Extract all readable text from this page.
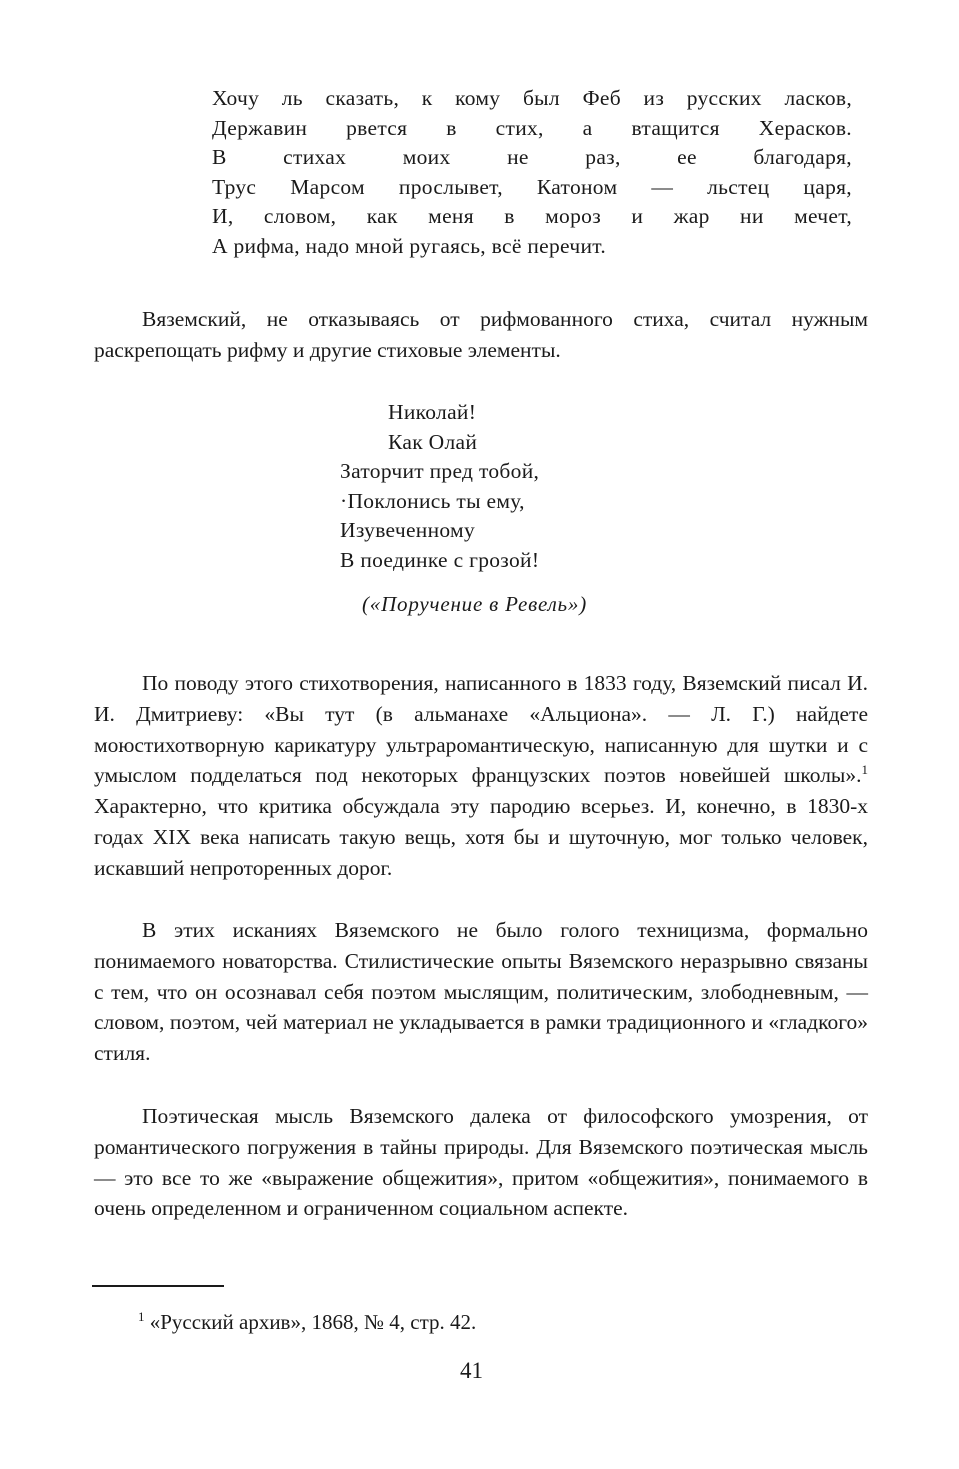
Хочу ль сказать, к кому был Феб из русских ласков,
Державин рвется в стих, а втащится Херасков.
В стихах моих не раз, ее благодаря,
Трус Марсом прослывет, Катоном — льстец царя,
И, словом, как меня в мороз и жар ни мечет,
А рифма, надо мной ругаясь, всё перечит.

Вяземский, не отказываясь от рифмованного стиха, считал нужным раскрепощать рифму и другие стиховые элементы.

Николай!
Как Олай
Заторчит пред тобой,
·Поклонись ты ему,
Изувеченному
В поединке с грозой!
(«Поручение в Ревель»)

По поводу этого стихотворения, написанного в 1833 году, Вяземский писал И. И. Дмитриеву: «Вы тут (в альманахе «Альциона». — Л. Г.) найдете моюстихотворную карикатуру ультраромантическую, написанную для шутки и с умыслом подделаться под некоторых французских поэтов новейшей школы».$^1$ Характерно, что критика обсуждала эту пародию всерьез. И, конечно, в 1830-х годах XIX века написать такую вещь, хотя бы и шуточную, мог только человек, искавший непроторенных дорог.

В этих исканиях Вяземского не было голого техницизма, формально понимаемого новаторства. Стилистические опыты Вяземского неразрывно связаны с тем, что он осознавал себя поэтом мыслящим, политическим, злободневным, — словом, поэтом, чей материал не укладывается в рамки традиционного и «гладкого» стиля.

Поэтическая мысль Вяземского далека от философского умозрения, от романтического погружения в тайны природы. Для Вяземского поэтическая мысль — это все то же «выражение общежития», притом «общежития», понимаемого в очень определенном и ограниченном социальном аспекте.

$^1$ «Русский архив», 1868, № 4, стр. 42.
41
